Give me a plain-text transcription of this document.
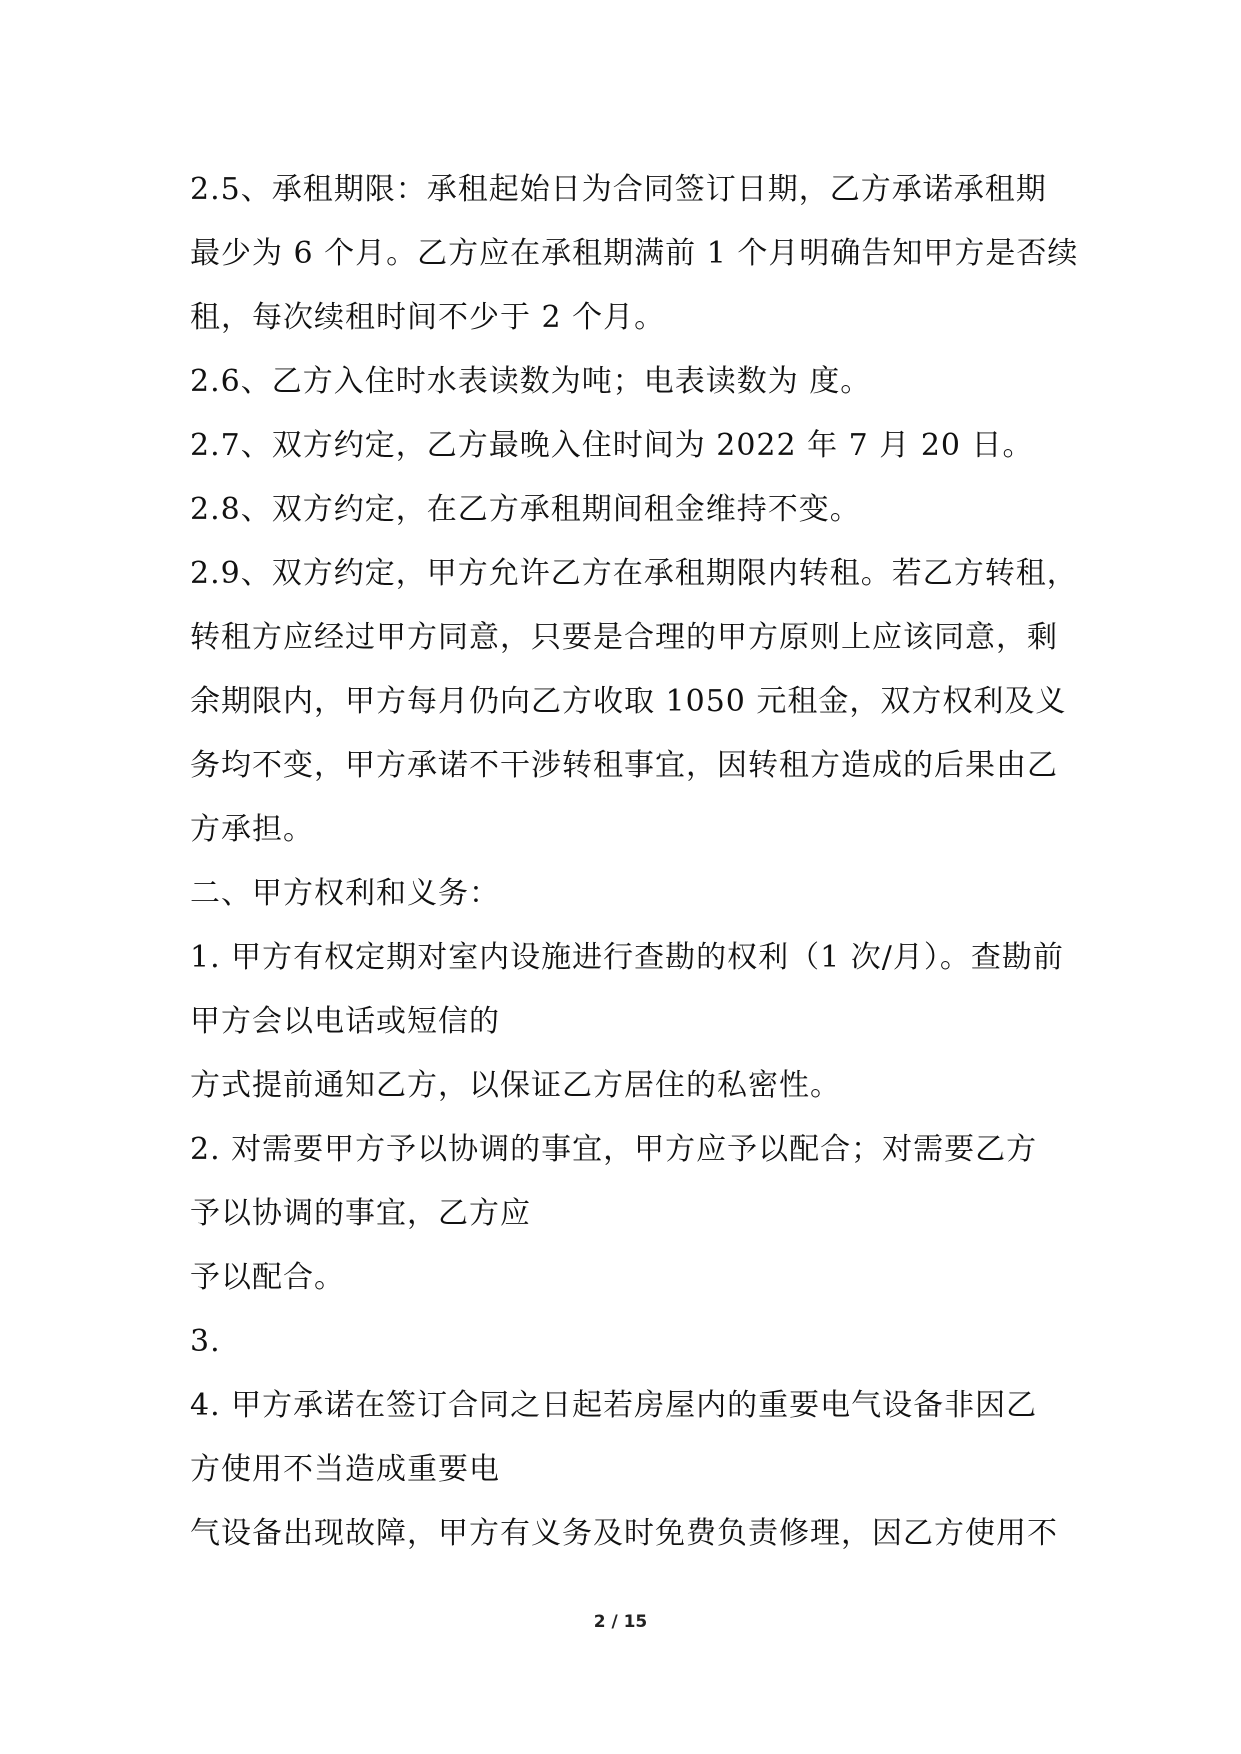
2.5、承租期限：承租起始日为合同签订日期，乙方承诺承租期
最少为 6 个月。乙方应在承租期满前 1 个月明确告知甲方是否续
租，每次续租时间不少于 2 个月。
2.6、乙方入住时水表读数为吨；电表读数为 度。
2.7、双方约定，乙方最晚入住时间为 2022 年 7 月 20 日。
2.8、双方约定，在乙方承租期间租金维持不变。
2.9、双方约定，甲方允许乙方在承租期限内转租。若乙方转租，
转租方应经过甲方同意，只要是合理的甲方原则上应该同意，剩
余期限内，甲方每月仍向乙方收取 1050 元租金，双方权利及义
务均不变，甲方承诺不干涉转租事宜，因转租方造成的后果由乙
方承担。
二、甲方权利和义务：
1. 甲方有权定期对室内设施进行查勘的权利（1 次/月）。查勘前
甲方会以电话或短信的
方式提前通知乙方，以保证乙方居住的私密性。
2. 对需要甲方予以协调的事宜，甲方应予以配合；对需要乙方
予以协调的事宜，乙方应
予以配合。
3.
4. 甲方承诺在签订合同之日起若房屋内的重要电气设备非因乙
方使用不当造成重要电
气设备出现故障，甲方有义务及时免费负责修理，因乙方使用不
2 / 15
